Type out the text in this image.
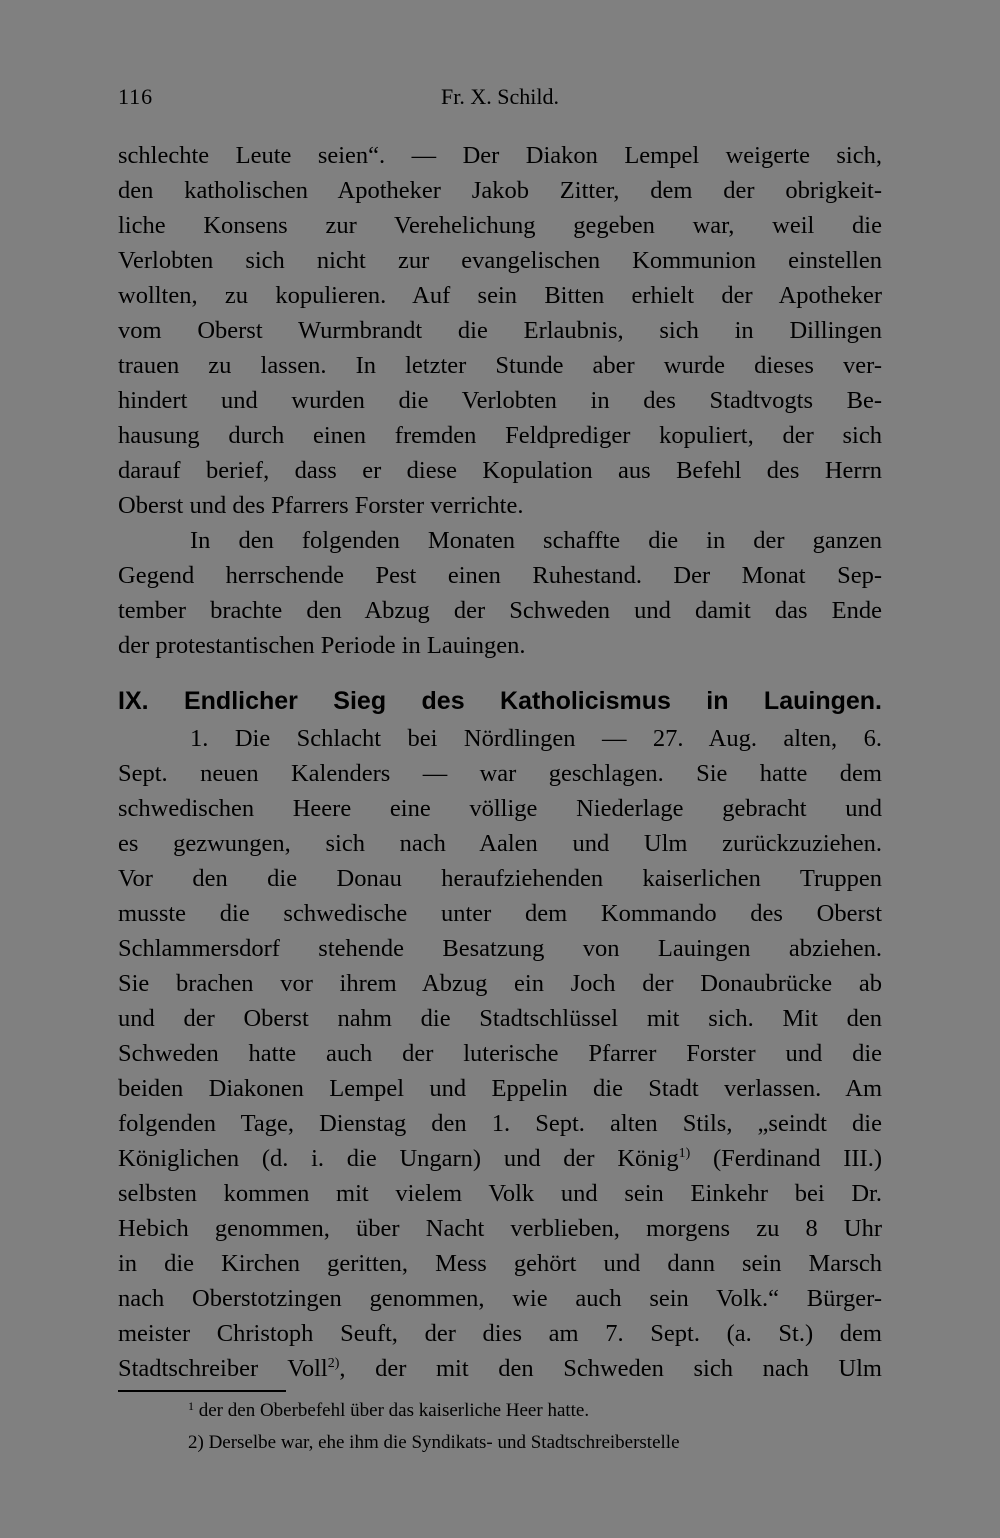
116	Fr. X. Schild.
schlechte Leute seien“. — Der Diakon Lempel weigerte sich,
den katholischen Apotheker Jakob Zitter, dem der obrigkeit-
liche Konsens zur Verehelichung gegeben war, weil die
Verlobten sich nicht zur evangelischen Kommunion einstellen
wollten, zu kopulieren. Auf sein Bitten erhielt der Apotheker
vom Oberst Wurmbrandt die Erlaubnis, sich in Dillingen
trauen zu lassen. In letzter Stunde aber wurde dieses ver-
hindert und wurden die Verlobten in des Stadtvogts Be-
hausung durch einen fremden Feldprediger kopuliert, der sich
darauf berief, dass er diese Kopulation aus Befehl des Herrn
Oberst und des Pfarrers Forster verrichte.
In den folgenden Monaten schaffte die in der ganzen
Gegend herrschende Pest einen Ruhestand. Der Monat Sep-
tember brachte den Abzug der Schweden und damit das Ende
der protestantischen Periode in Lauingen.
IX. Endlicher Sieg des Katholicismus in Lauingen.
1. Die Schlacht bei Nördlingen — 27. Aug. alten, 6.
Sept. neuen Kalenders — war geschlagen. Sie hatte dem
schwedischen Heere eine völlige Niederlage gebracht und
es gezwungen, sich nach Aalen und Ulm zurückzuziehen.
Vor den die Donau heraufziehenden kaiserlichen Truppen
musste die schwedische unter dem Kommando des Oberst
Schlammersdorf stehende Besatzung von Lauingen abziehen.
Sie brachen vor ihrem Abzug ein Joch der Donaubrücke ab
und der Oberst nahm die Stadtschlüssel mit sich. Mit den
Schweden hatte auch der luterische Pfarrer Forster und die
beiden Diakonen Lempel und Eppelin die Stadt verlassen. Am
folgenden Tage, Dienstag den 1. Sept. alten Stils, „seindt die
Königlichen (d. i. die Ungarn) und der König$^{1)}$ (Ferdinand III.)
selbsten kommen mit vielem Volk und sein Einkehr bei Dr.
Hebich genommen, über Nacht verblieben, morgens zu 8 Uhr
in die Kirchen geritten, Mess gehört und dann sein Marsch
nach Oberstotzingen genommen, wie auch sein Volk.“ Bürger-
meister Christoph Seuft, der dies am 7. Sept. (a. St.) dem
Stadtschreiber Voll$^{2)}$, der mit den Schweden sich nach Ulm
$^1$ der den Oberbefehl über das kaiserliche Heer hatte.
2) Derselbe war, ehe ihm die Syndikats- und Stadtschreiberstelle
